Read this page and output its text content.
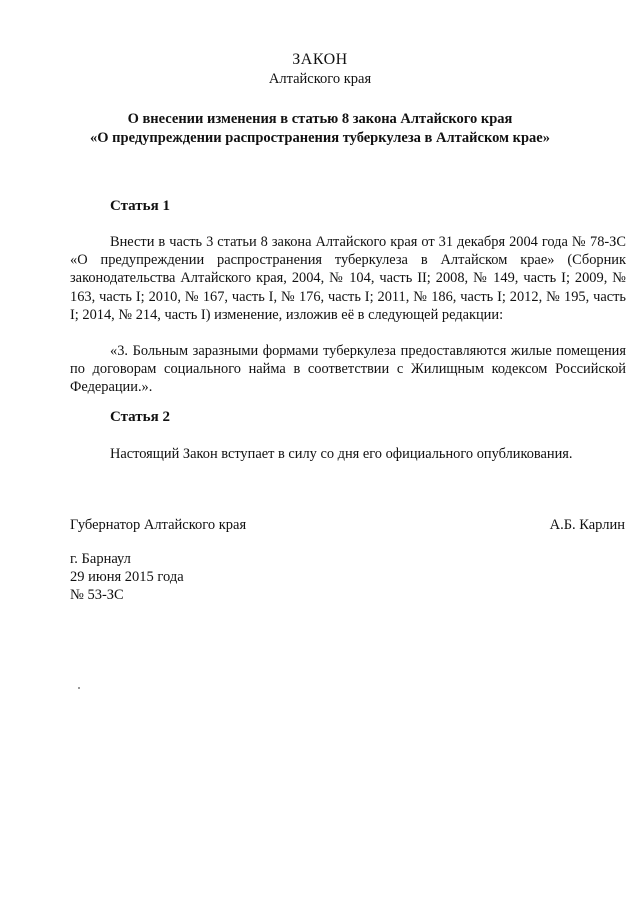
ЗАКОН
Алтайского края
О внесении изменения в статью 8 закона Алтайского края
«О предупреждении распространения туберкулеза в Алтайском крае»
Статья 1
Внести в часть 3 статьи 8 закона Алтайского края от 31 декабря 2004 года № 78-ЗС «О предупреждении распространения туберкулеза в Алтайском крае» (Сборник законодательства Алтайского края, 2004, № 104, часть II; 2008, № 149, часть I; 2009, № 163, часть I; 2010, № 167, часть I, № 176, часть I; 2011, № 186, часть I; 2012, № 195, часть I; 2014, № 214, часть I) изменение, изложив её в следующей редакции:
«3. Больным заразными формами туберкулеза предоставляются жилые помещения по договорам социального найма в соответствии с Жилищным кодексом Российской Федерации.».
Статья 2
Настоящий Закон вступает в силу со дня его официального опубликования.
Губернатор Алтайского края	А.Б. Карлин
г. Барнаул
29 июня 2015 года
№ 53-ЗС
